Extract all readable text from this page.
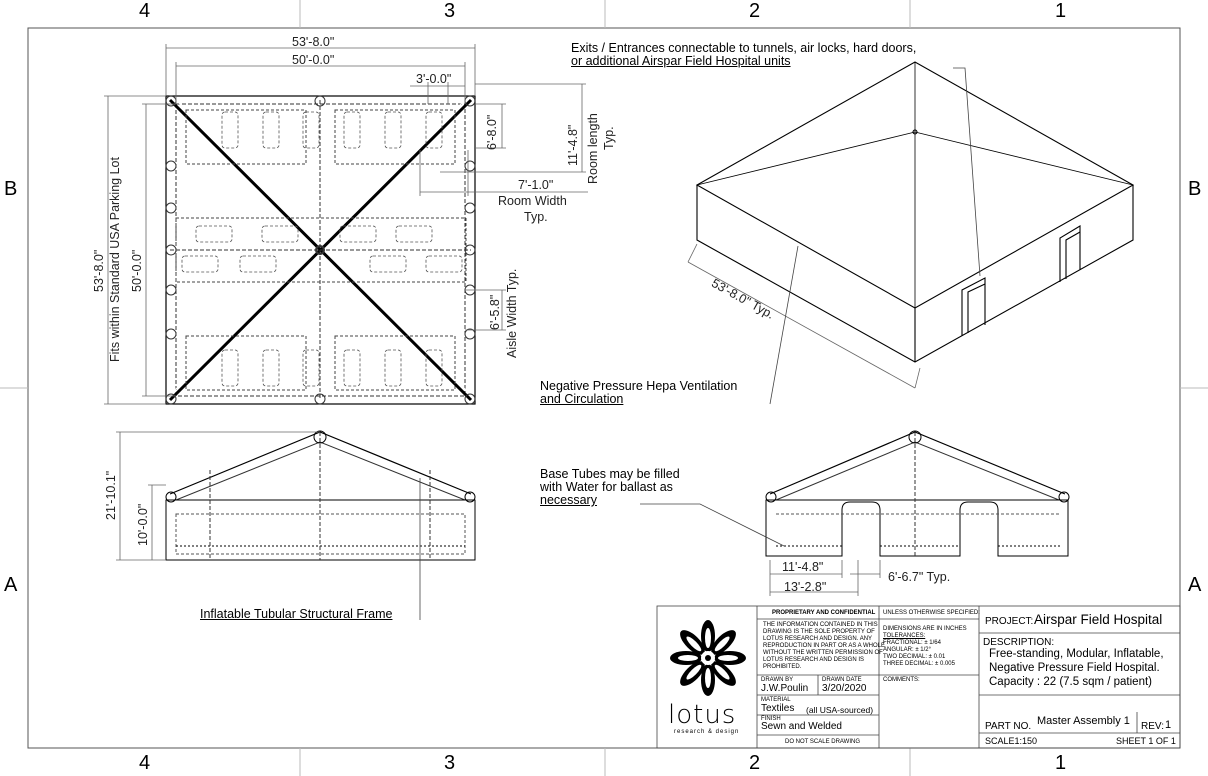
4	3	2	1
4	3	2	1
B
A
B
A
53'-8.0"
50'-0.0"
3'-0.0"
6'-8.0"	11'-4.8" Room length Typ.
7'-1.0"
Room Width
Typ.
6'-5.8" Aisle Width Typ.
53'-8.0" 50'-0.0"
Fits within Standard USA Parking Lot
21'-10.1"
10'-0.0"
53'-8.0" Typ.
11'-4.8"
13'-2.8"
6'-6.7" Typ.
Exits / Entrances connectable to tunnels, air locks, hard doors,
or additional Airspar Field Hospital units
Negative Pressure Hepa Ventilation
and Circulation
Base Tubes may be filled
with Water for ballast as
necessary
Inflatable Tubular Structural Frame
lotus
research & design
PROPRIETARY AND CONFIDENTIAL
THE INFORMATION CONTAINED IN THIS
DRAWING IS THE SOLE PROPERTY OF
LOTUS RESEARCH AND DESIGN. ANY
REPRODUCTION IN PART OR AS A WHOLE
WITHOUT THE WRITTEN PERMISSION OF
LOTUS RESEARCH AND DESIGN IS
PROHIBITED.
DRAWN BY
J.W.Poulin
DRAWN DATE
3/20/2020
MATERIAL
Textiles (all USA-sourced)
FINISH
Sewn and Welded
DO NOT SCALE DRAWING
UNLESS OTHERWISE SPECIFIED:
DIMENSIONS ARE IN INCHES
TOLERANCES:
FRACTIONAL: ± 1/64
ANGULAR: ± 1/2°
TWO DECIMAL: ± 0.01
THREE DECIMAL: ± 0.005
COMMENTS:
PROJECT: Airspar Field Hospital
DESCRIPTION:
Free-standing, Modular, Inflatable,
Negative Pressure Field Hospital.
Capacity : 22 (7.5 sqm / patient)
PART NO. Master Assembly 1 REV: 1
SCALE1:150	SHEET 1 OF 1
